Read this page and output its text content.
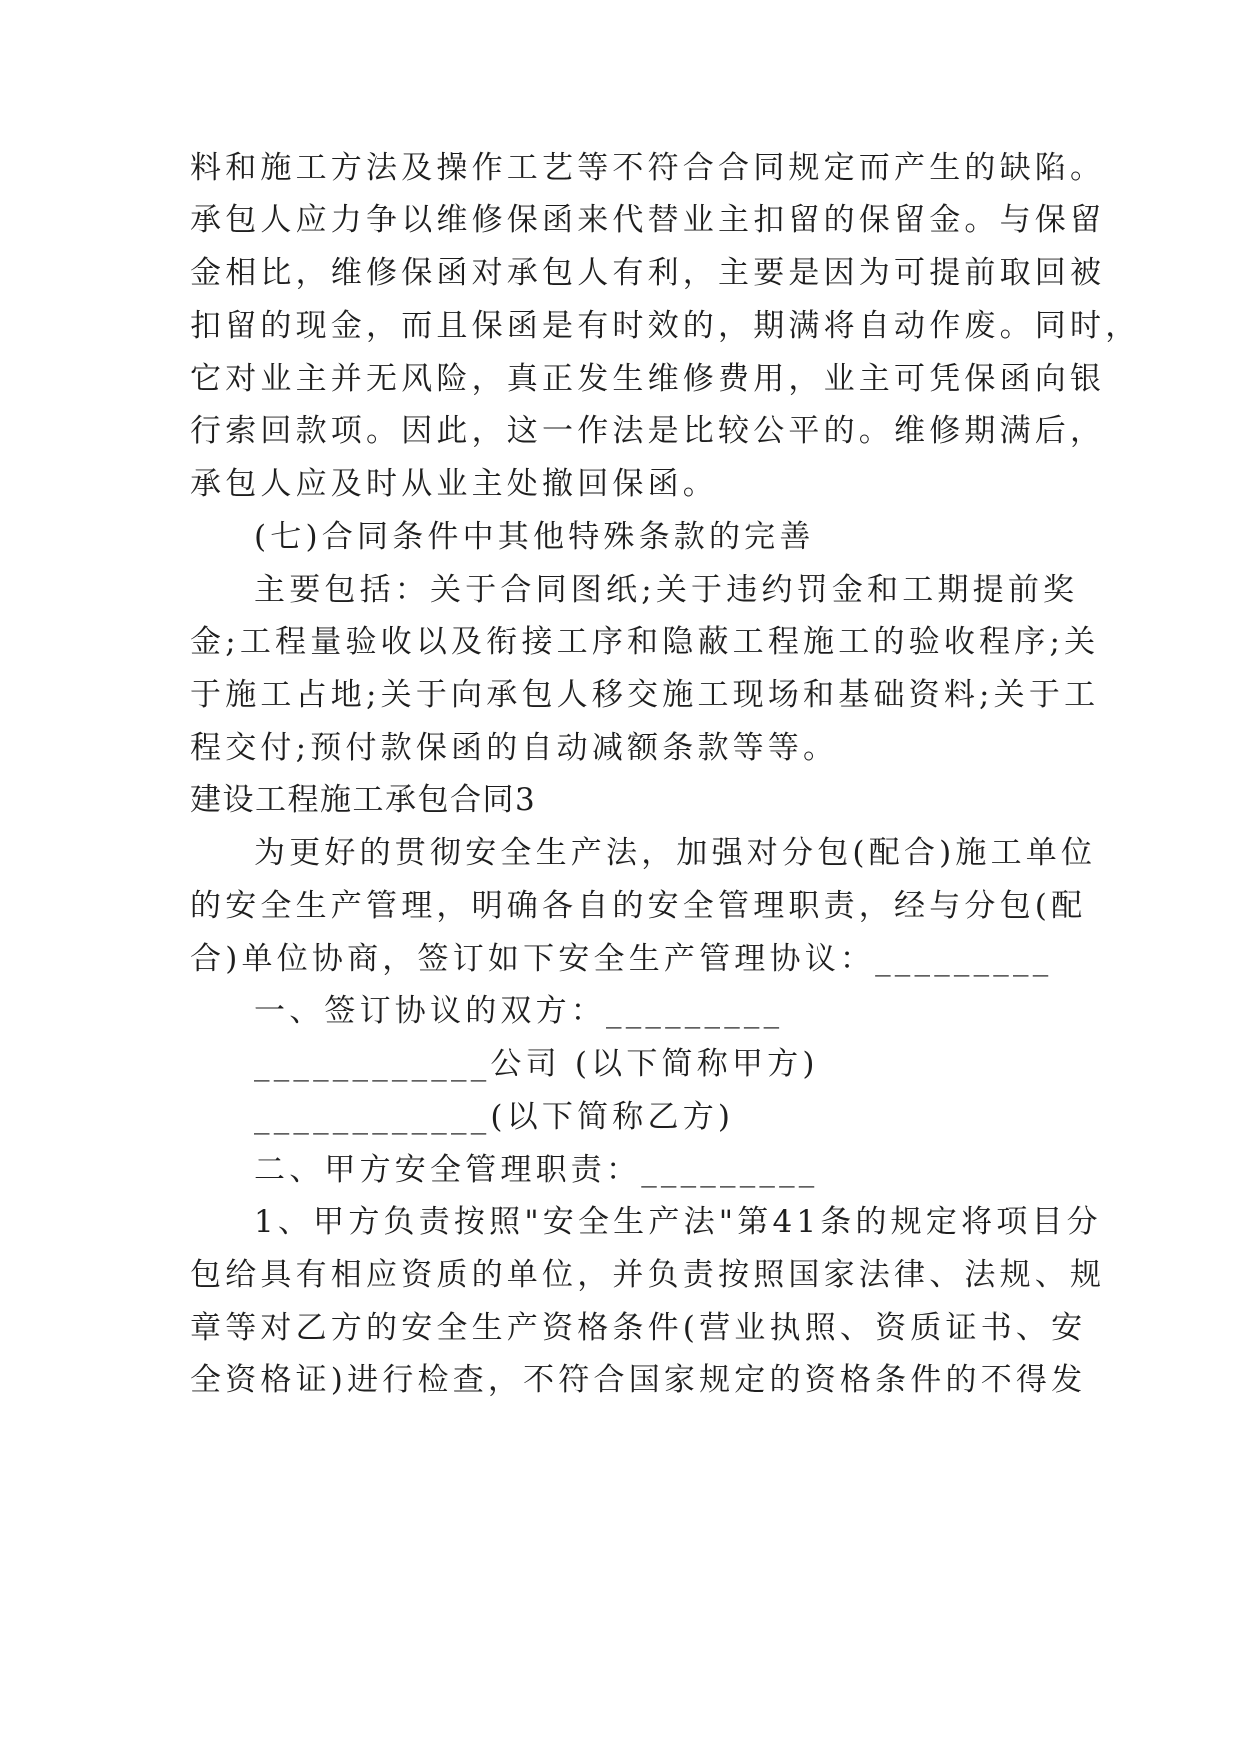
料和施工方法及操作工艺等不符合合同规定而产生的缺陷。
承包人应力争以维修保函来代替业主扣留的保留金。与保留
金相比，维修保函对承包人有利，主要是因为可提前取回被
扣留的现金，而且保函是有时效的，期满将自动作废。同时，
它对业主并无风险，真正发生维修费用，业主可凭保函向银
行索回款项。因此，这一作法是比较公平的。维修期满后，
承包人应及时从业主处撤回保函。
(七)合同条件中其他特殊条款的完善
主要包括：关于合同图纸;关于违约罚金和工期提前奖
金;工程量验收以及衔接工序和隐蔽工程施工的验收程序;关
于施工占地;关于向承包人移交施工现场和基础资料;关于工
程交付;预付款保函的自动减额条款等等。
建设工程施工承包合同3
为更好的贯彻安全生产法，加强对分包(配合)施工单位
的安全生产管理，明确各自的安全管理职责，经与分包(配
合)单位协商，签订如下安全生产管理协议：_________
一、签订协议的双方：_________
____________公司 (以下简称甲方)
____________(以下简称乙方)
二、甲方安全管理职责：_________
1、甲方负责按照"安全生产法"第41条的规定将项目分
包给具有相应资质的单位，并负责按照国家法律、法规、规
章等对乙方的安全生产资格条件(营业执照、资质证书、安
全资格证)进行检查，不符合国家规定的资格条件的不得发
